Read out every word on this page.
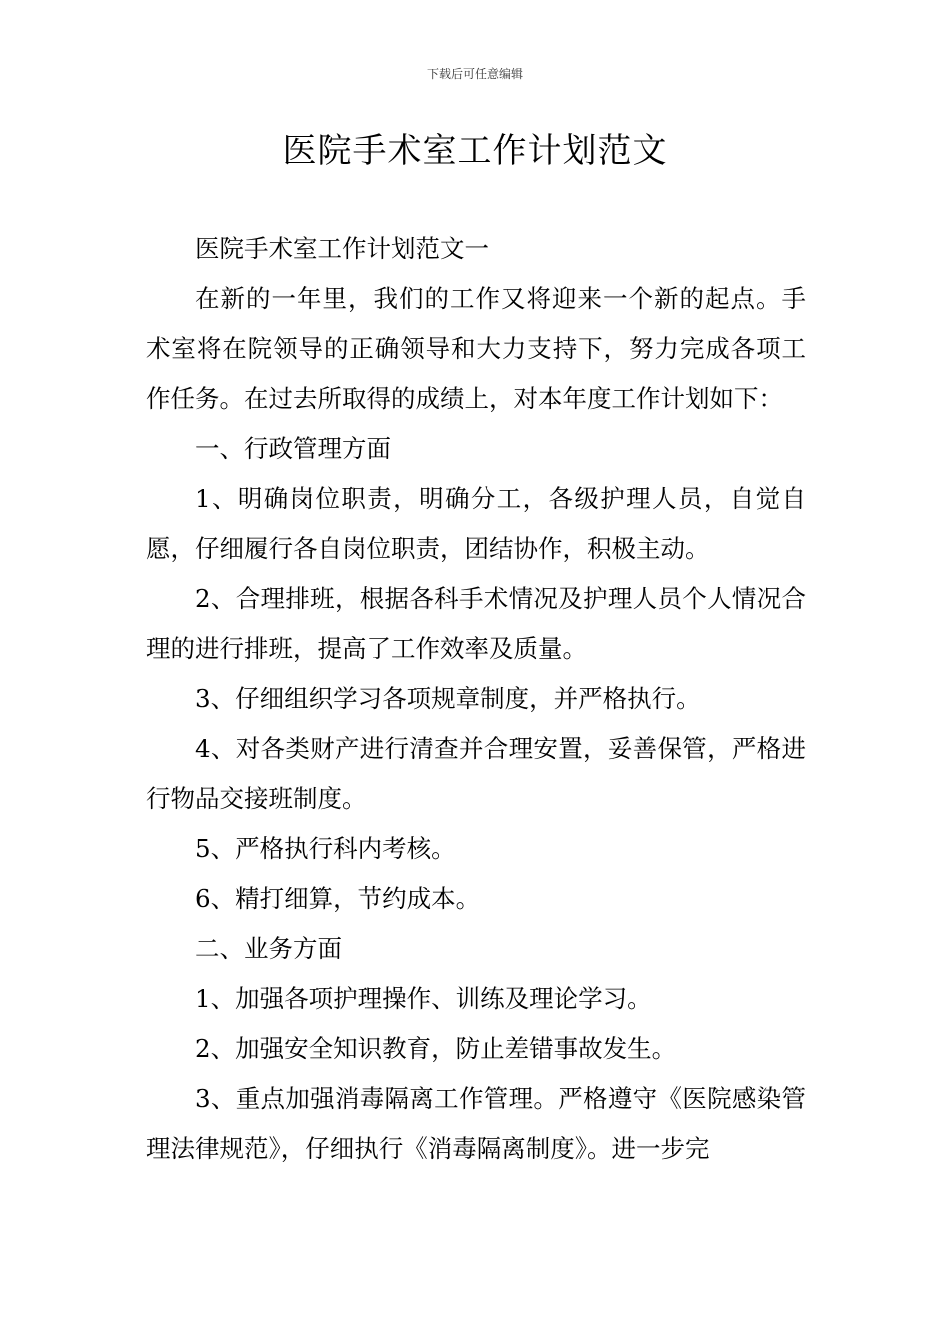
下载后可任意编辑
医院手术室工作计划范文

医院手术室工作计划范文一

在新的一年里，我们的工作又将迎来一个新的起点。手术室将在院领导的正确领导和大力支持下，努力完成各项工作任务。在过去所取得的成绩上，对本年度工作计划如下：

一、行政管理方面

1、明确岗位职责，明确分工，各级护理人员，自觉自愿，仔细履行各自岗位职责，团结协作，积极主动。

2、合理排班，根据各科手术情况及护理人员个人情况合理的进行排班，提高了工作效率及质量。

3、仔细组织学习各项规章制度，并严格执行。

4、对各类财产进行清查并合理安置，妥善保管，严格进行物品交接班制度。

5、严格执行科内考核。

6、精打细算，节约成本。

二、业务方面

1、加强各项护理操作、训练及理论学习。

2、加强安全知识教育，防止差错事故发生。

3、重点加强消毒隔离工作管理。严格遵守《医院感染管理法律规范》，仔细执行《消毒隔离制度》。进一步完
